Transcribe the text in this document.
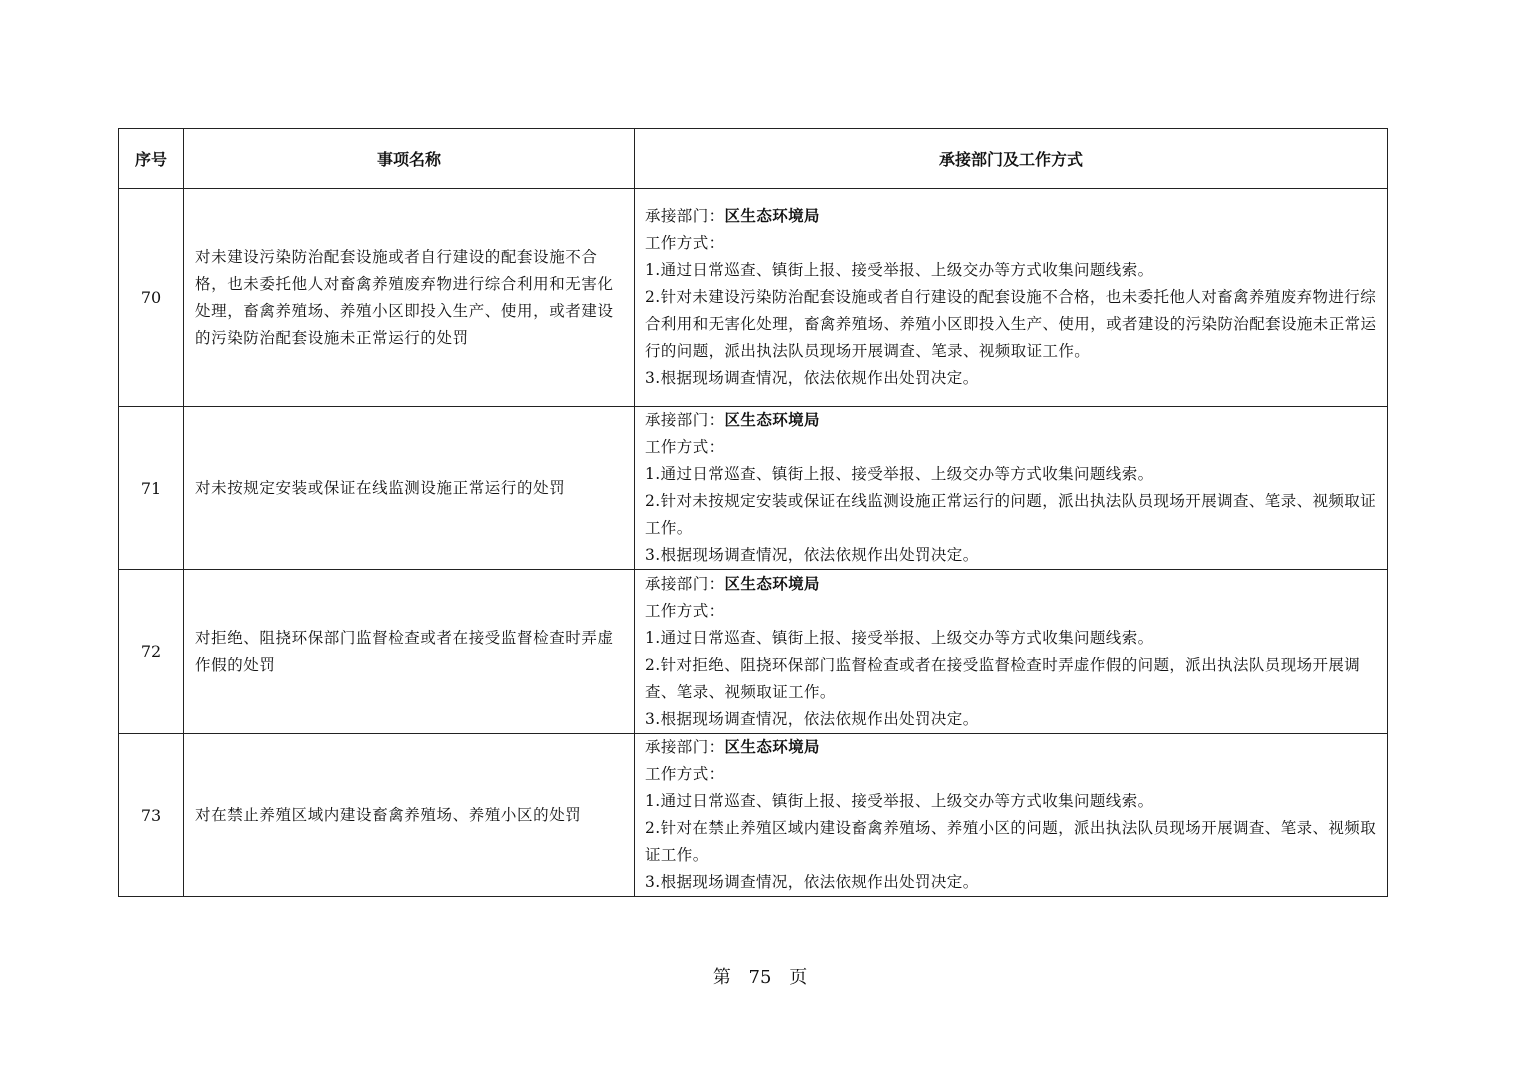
序号	事项名称	承接部门及工作方式
70	对未建设污染防治配套设施或者自行建设的配套设施不合格，也未委托他人对畜禽养殖废弃物进行综合利用和无害化处理，畜禽养殖场、养殖小区即投入生产、使用，或者建设的污染防治配套设施未正常运行的处罚	承接部门：区生态环境局
工作方式：
1.通过日常巡查、镇街上报、接受举报、上级交办等方式收集问题线索。
2.针对未建设污染防治配套设施或者自行建设的配套设施不合格，也未委托他人对畜禽养殖废弃物进行综合利用和无害化处理，畜禽养殖场、养殖小区即投入生产、使用，或者建设的污染防治配套设施未正常运行的问题，派出执法队员现场开展调查、笔录、视频取证工作。
3.根据现场调查情况，依法依规作出处罚决定。

71	对未按规定安装或保证在线监测设施正常运行的处罚	承接部门：区生态环境局
工作方式：
1.通过日常巡查、镇街上报、接受举报、上级交办等方式收集问题线索。
2.针对未按规定安装或保证在线监测设施正常运行的问题，派出执法队员现场开展调查、笔录、视频取证工作。
3.根据现场调查情况，依法依规作出处罚决定。

72	对拒绝、阻挠环保部门监督检查或者在接受监督检查时弄虚作假的处罚	承接部门：区生态环境局
工作方式：
1.通过日常巡查、镇街上报、接受举报、上级交办等方式收集问题线索。
2.针对拒绝、阻挠环保部门监督检查或者在接受监督检查时弄虚作假的问题，派出执法队员现场开展调查、笔录、视频取证工作。
3.根据现场调查情况，依法依规作出处罚决定。

73	对在禁止养殖区域内建设畜禽养殖场、养殖小区的处罚	承接部门：区生态环境局
工作方式：
1.通过日常巡查、镇街上报、接受举报、上级交办等方式收集问题线索。
2.针对在禁止养殖区域内建设畜禽养殖场、养殖小区的问题，派出执法队员现场开展调查、笔录、视频取证工作。
3.根据现场调查情况，依法依规作出处罚决定。
第 75 页
